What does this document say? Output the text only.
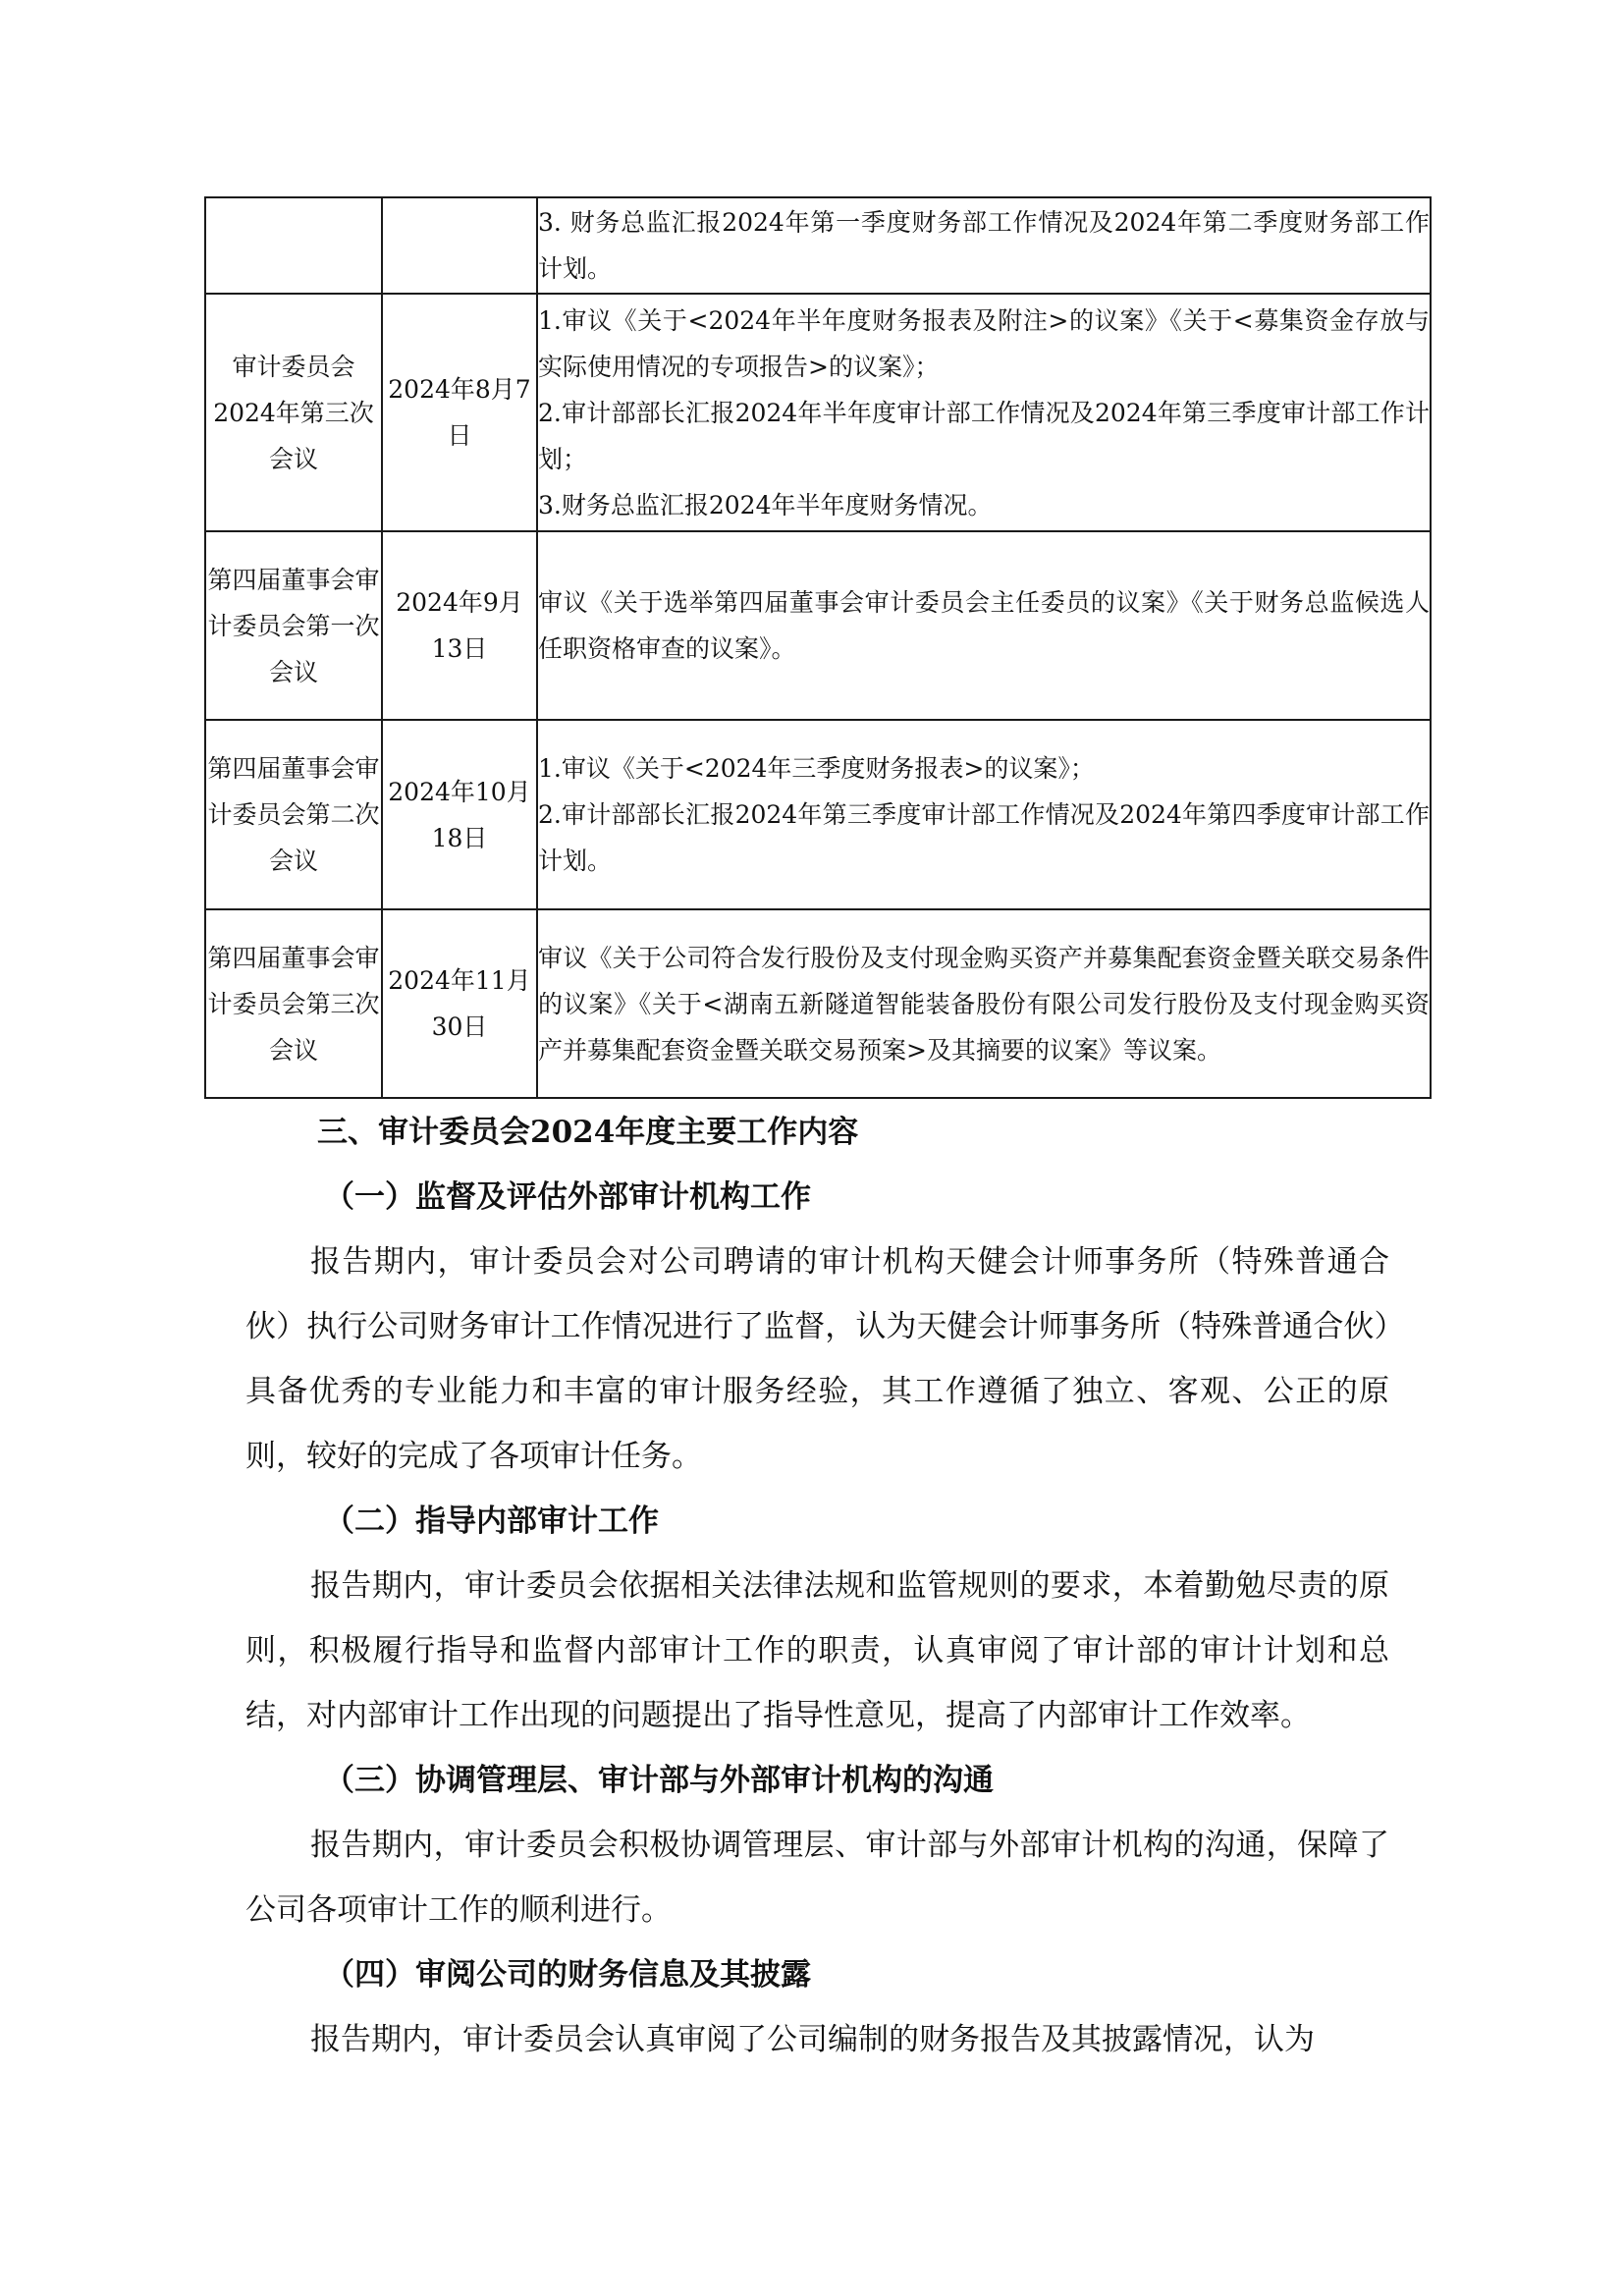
		3. 财务总监汇报2024年第一季度财务部工作情况及2024年第二季度财务部工作计划。

审计委员会2024年第三次会议	2024年8月7日	1.审议《关于<2024年半年度财务报表及附注>的议案》《关于<募集资金存放与实际使用情况的专项报告>的议案》；
2.审计部部长汇报2024年半年度审计部工作情况及2024年第三季度审计部工作计划；
3.财务总监汇报2024年半年度财务情况。

第四届董事会审计委员会第一次会议	2024年9月13日	审议《关于选举第四届董事会审计委员会主任委员的议案》《关于财务总监候选人任职资格审查的议案》。

第四届董事会审计委员会第二次会议	2024年10月18日	1.审议《关于<2024年三季度财务报表>的议案》；
2.审计部部长汇报2024年第三季度审计部工作情况及2024年第四季度审计部工作计划。

第四届董事会审计委员会第三次会议	2024年11月30日	审议《关于公司符合发行股份及支付现金购买资产并募集配套资金暨关联交易条件的议案》《关于<湖南五新隧道智能装备股份有限公司发行股份及支付现金购买资产并募集配套资金暨关联交易预案>及其摘要的议案》等议案。
三、审计委员会2024年度主要工作内容
（一）监督及评估外部审计机构工作

报告期内，审计委员会对公司聘请的审计机构天健会计师事务所（特殊普通合伙）执行公司财务审计工作情况进行了监督，认为天健会计师事务所（特殊普通合伙）具备优秀的专业能力和丰富的审计服务经验，其工作遵循了独立、客观、公正的原则，较好的完成了各项审计任务。

（二）指导内部审计工作

报告期内，审计委员会依据相关法律法规和监管规则的要求，本着勤勉尽责的原则，积极履行指导和监督内部审计工作的职责，认真审阅了审计部的审计计划和总结，对内部审计工作出现的问题提出了指导性意见，提高了内部审计工作效率。

（三）协调管理层、审计部与外部审计机构的沟通

报告期内，审计委员会积极协调管理层、审计部与外部审计机构的沟通，保障了公司各项审计工作的顺利进行。

（四）审阅公司的财务信息及其披露

报告期内，审计委员会认真审阅了公司编制的财务报告及其披露情况，认为
